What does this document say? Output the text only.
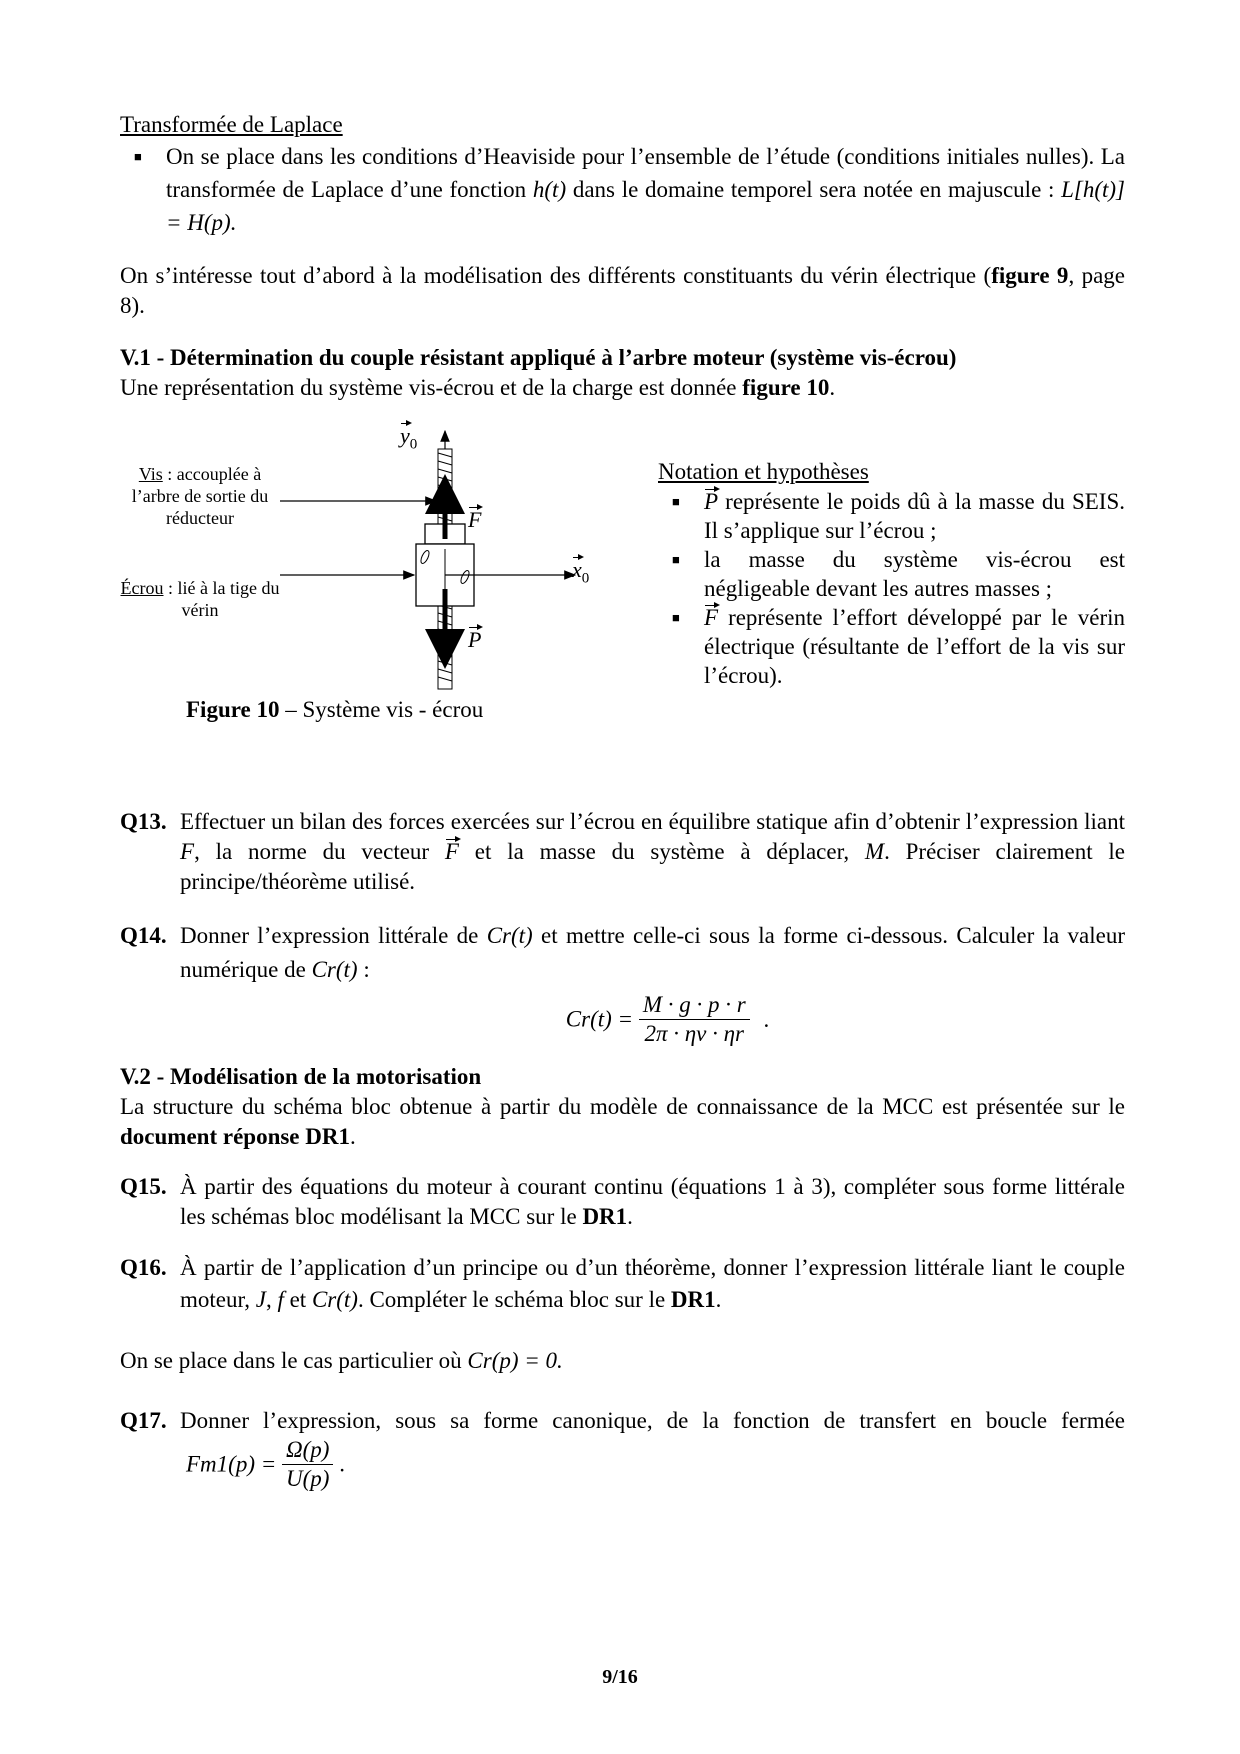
Transformée de Laplace
■ On se place dans les conditions d’Heaviside pour l’ensemble de l’étude (conditions initiales nulles). La transformée de Laplace d’une fonction h(t) dans le domaine temporel sera notée en majuscule : L[h(t)] = H(p).
On s’intéresse tout d’abord à la modélisation des différents constituants du vérin électrique (figure 9, page 8).
V.1 - Détermination du couple résistant appliqué à l’arbre moteur (système vis-écrou)
Une représentation du système vis-écrou et de la charge est donnée figure 10.
Vis : accouplée à l’arbre de sortie du réducteur
Écrou : lié à la tige du vérin
$y_0$
$x_0$
F
P
Figure 10 – Système vis - écrou
Notation et hypothèses
■ P représente le poids dû à la masse du SEIS. Il s’applique sur l’écrou ;
■ la masse du système vis-écrou est négligeable devant les autres masses ;
■ F représente l’effort développé par le vérin électrique (résultante de l’effort de la vis sur l’écrou).
Q13. Effectuer un bilan des forces exercées sur l’écrou en équilibre statique afin d’obtenir l’expression liant F, la norme du vecteur F et la masse du système à déplacer, M. Préciser clairement le principe/théorème utilisé.
Q14. Donner l’expression littérale de Cr(t) et mettre celle-ci sous la forme ci-dessous. Calculer la valeur numérique de Cr(t) :
$Cr(t) = \frac{M \cdot g \cdot p \cdot r}{2\pi \cdot \eta v \cdot \eta r}$ .
V.2 - Modélisation de la motorisation
La structure du schéma bloc obtenue à partir du modèle de connaissance de la MCC est présentée sur le document réponse DR1.
Q15. À partir des équations du moteur à courant continu (équations 1 à 3), compléter sous forme littérale les schémas bloc modélisant la MCC sur le DR1.
Q16. À partir de l’application d’un principe ou d’un théorème, donner l’expression littérale liant le couple moteur, J, f et Cr(t). Compléter le schéma bloc sur le DR1.
On se place dans le cas particulier où Cr(p) = 0.
Q17. Donner l’expression, sous sa forme canonique, de la fonction de transfert en boucle fermée $Fm1(p) = \frac{\Omega(p)}{U(p)}$ .
9/16
